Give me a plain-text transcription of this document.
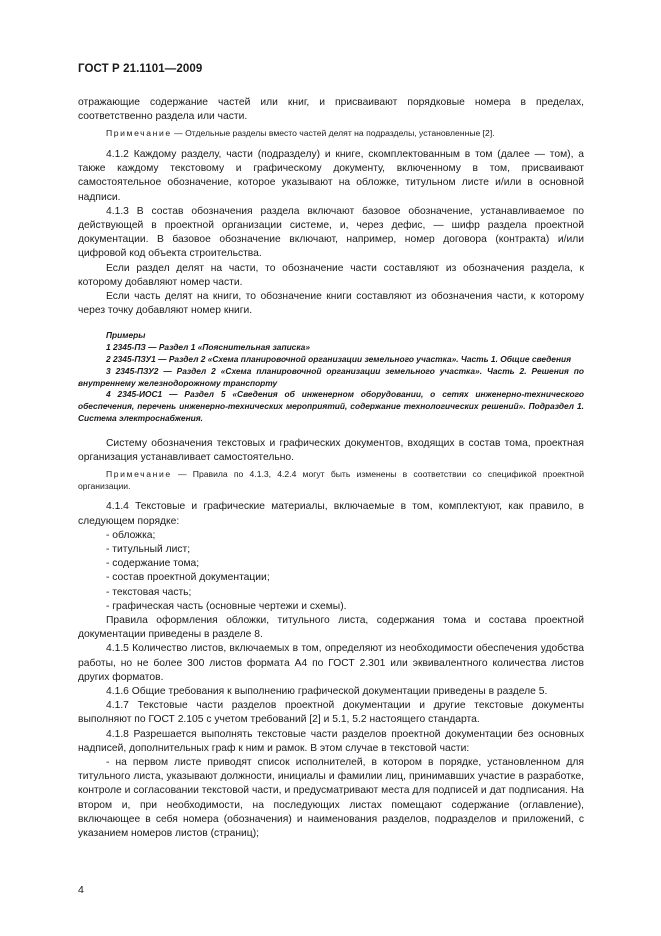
ГОСТ Р 21.1101—2009

отражающие содержание частей или книг, и присваивают порядковые номера в пределах, соответственно раздела или части.

Примечание — Отдельные разделы вместо частей делят на подразделы, установленные [2].

4.1.2 Каждому разделу, части (подразделу) и книге, скомплектованным в том (далее — том), а также каждому текстовому и графическому документу, включенному в том, присваивают самостоятельное обозначение, которое указывают на обложке, титульном листе и/или в основной надписи.

4.1.3 В состав обозначения раздела включают базовое обозначение, устанавливаемое по действующей в проектной организации системе, и, через дефис, — шифр раздела проектной документации. В базовое обозначение включают, например, номер договора (контракта) и/или цифровой код объекта строительства.

Если раздел делят на части, то обозначение части составляют из обозначения раздела, к которому добавляют номер части.

Если часть делят на книги, то обозначение книги составляют из обозначения части, к которому через точку добавляют номер книги.

Примеры

1 2345-ПЗ — Раздел 1 «Пояснительная записка»

2 2345-ПЗУ1 — Раздел 2 «Схема планировочной организации земельного участка». Часть 1. Общие сведения

3 2345-ПЗУ2 — Раздел 2 «Схема планировочной организации земельного участка». Часть 2. Решения по внутреннему железнодорожному транспорту

4 2345-ИОС1 — Раздел 5 «Сведения об инженерном оборудовании, о сетях инженерно-технического обеспечения, перечень инженерно-технических мероприятий, содержание технологических решений». Подраздел 1. Система электроснабжения.

Систему обозначения текстовых и графических документов, входящих в состав тома, проектная организация устанавливает самостоятельно.

Примечание — Правила по 4.1.3, 4.2.4 могут быть изменены в соответствии со спецификой проектной организации.

4.1.4 Текстовые и графические материалы, включаемые в том, комплектуют, как правило, в следующем порядке:

- обложка;

- титульный лист;

- содержание тома;

- состав проектной документации;

- текстовая часть;

- графическая часть (основные чертежи и схемы).

Правила оформления обложки, титульного листа, содержания тома и состава проектной документации приведены в разделе 8.

4.1.5 Количество листов, включаемых в том, определяют из необходимости обеспечения удобства работы, но не более 300 листов формата А4 по ГОСТ 2.301 или эквивалентного количества листов других форматов.

4.1.6 Общие требования к выполнению графической документации приведены в разделе 5.

4.1.7 Текстовые части разделов проектной документации и другие текстовые документы выполняют по ГОСТ 2.105 с учетом требований [2] и 5.1, 5.2 настоящего стандарта.

4.1.8 Разрешается выполнять текстовые части разделов проектной документации без основных надписей, дополнительных граф к ним и рамок. В этом случае в текстовой части:

- на первом листе приводят список исполнителей, в котором в порядке, установленном для титульного листа, указывают должности, инициалы и фамилии лиц, принимавших участие в разработке, контроле и согласовании текстовой части, и предусматривают места для подписей и дат подписания. На втором и, при необходимости, на последующих листах помещают содержание (оглавление), включающее в себя номера (обозначения) и наименования разделов, подразделов и приложений, с указанием номеров листов (страниц);

4
